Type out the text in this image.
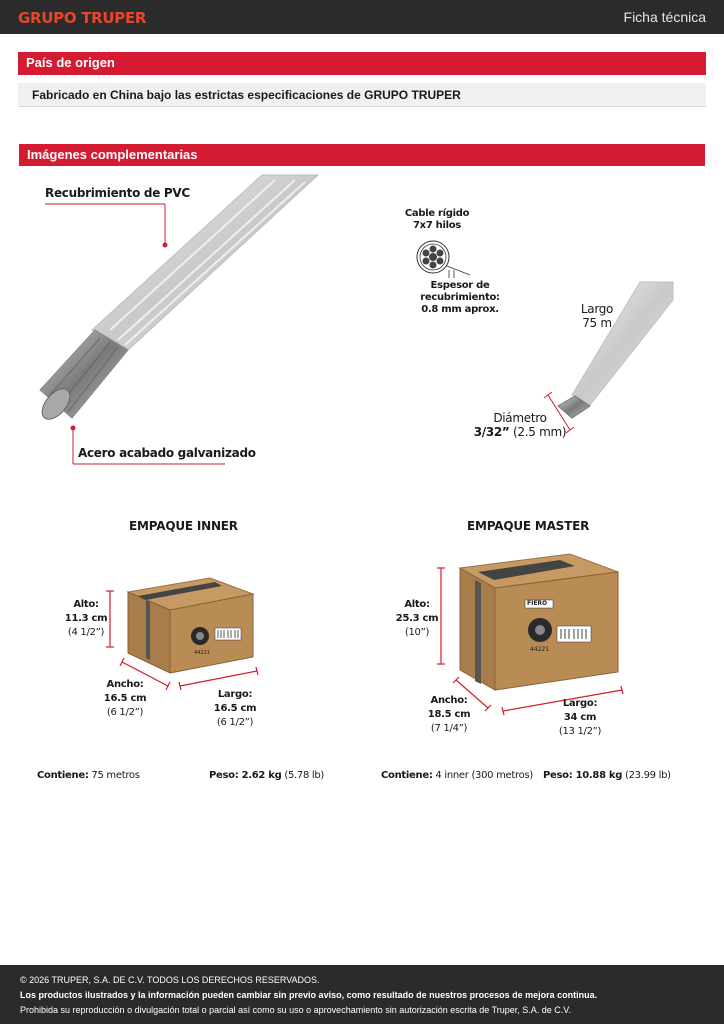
GRUPO TRUPER	Ficha técnica
País de origen
Fabricado en China bajo las estrictas especificaciones de GRUPO TRUPER
Imágenes complementarias
Recubrimiento de PVC
Acero acabado galvanizado
Cable rígido
7x7 hilos
Espesor de recubrimiento:
0.8 mm aprox.	Largo
75 m
Diámetro
3/32” (2.5 mm)
EMPAQUE INNER
Alto:
11.3 cm
(4 1/2”)
Ancho:
16.5 cm
(6 1/2”)
Largo:
16.5 cm
(6 1/2”)
Contiene: 75 metros	Peso: 2.62 kg (5.78 lb)
EMPAQUE MASTER
FIERO
44221
44221
Alto:
25.3 cm
(10”)
Ancho:
18.5 cm
(7 1/4”)
Largo:
34 cm
(13 1/2”)
Contiene: 4 inner (300 metros) Peso: 10.88 kg (23.99 lb)
© 2026 TRUPER, S.A. DE C.V. TODOS LOS DERECHOS RESERVADOS.
Los productos ilustrados y la información pueden cambiar sin previo aviso, como resultado de nuestros procesos de mejora continua.
Prohibida su reproducción o divulgación total o parcial así como su uso o aprovechamiento sin autorización escrita de Truper, S.A. de C.V.
